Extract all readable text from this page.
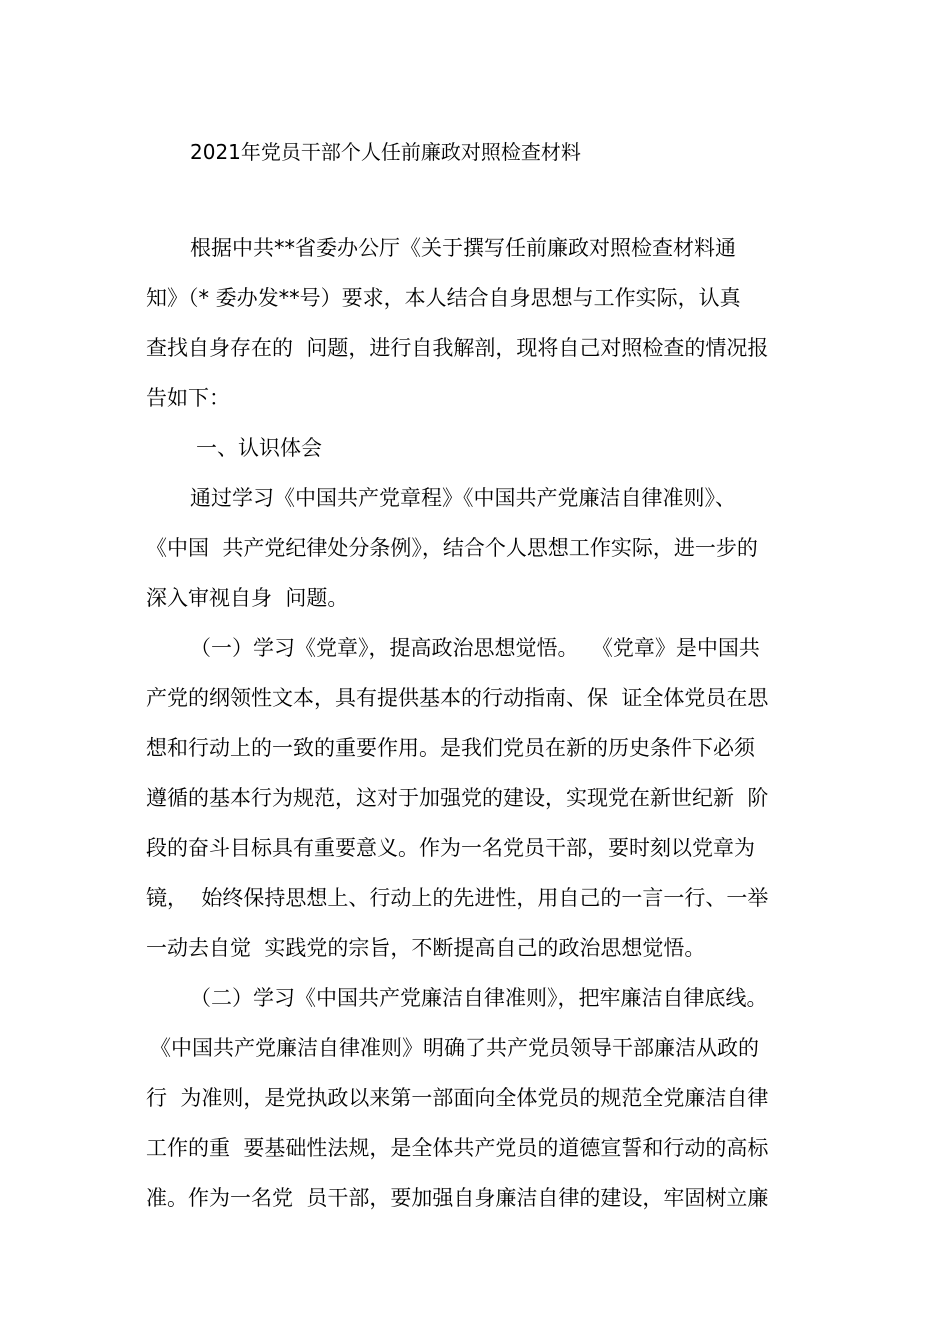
2021年党员干部个人任前廉政对照检查材料
根据中共**省委办公厅《关于撰写任前廉政对照检查材料通
知》（* 委办发**号）要求，本人结合自身思想与工作实际，认真
查找自身存在的  问题，进行自我解剖，现将自己对照检查的情况报
告如下：
一、认识体会
通过学习《中国共产党章程》《中国共产党廉洁自律准则》、
《中国  共产党纪律处分条例》，结合个人思想工作实际，进一步的
深入审视自身  问题。
（一）学习《党章》，提高政治思想觉悟。  《党章》是中国共
产党的纲领性文本，具有提供基本的行动指南、保  证全体党员在思
想和行动上的一致的重要作用。是我们党员在新的历史条件下必须
遵循的基本行为规范，这对于加强党的建设，实现党在新世纪新  阶
段的奋斗目标具有重要意义。作为一名党员干部，要时刻以党章为
镜，  始终保持思想上、行动上的先进性，用自己的一言一行、一举
一动去自觉  实践党的宗旨，不断提高自己的政治思想觉悟。
（二）学习《中国共产党廉洁自律准则》，把牢廉洁自律底线。
《中国共产党廉洁自律准则》明确了共产党员领导干部廉洁从政的
行  为准则，是党执政以来第一部面向全体党员的规范全党廉洁自律
工作的重  要基础性法规，是全体共产党员的道德宣誓和行动的高标
准。作为一名党  员干部，要加强自身廉洁自律的建设，牢固树立廉
